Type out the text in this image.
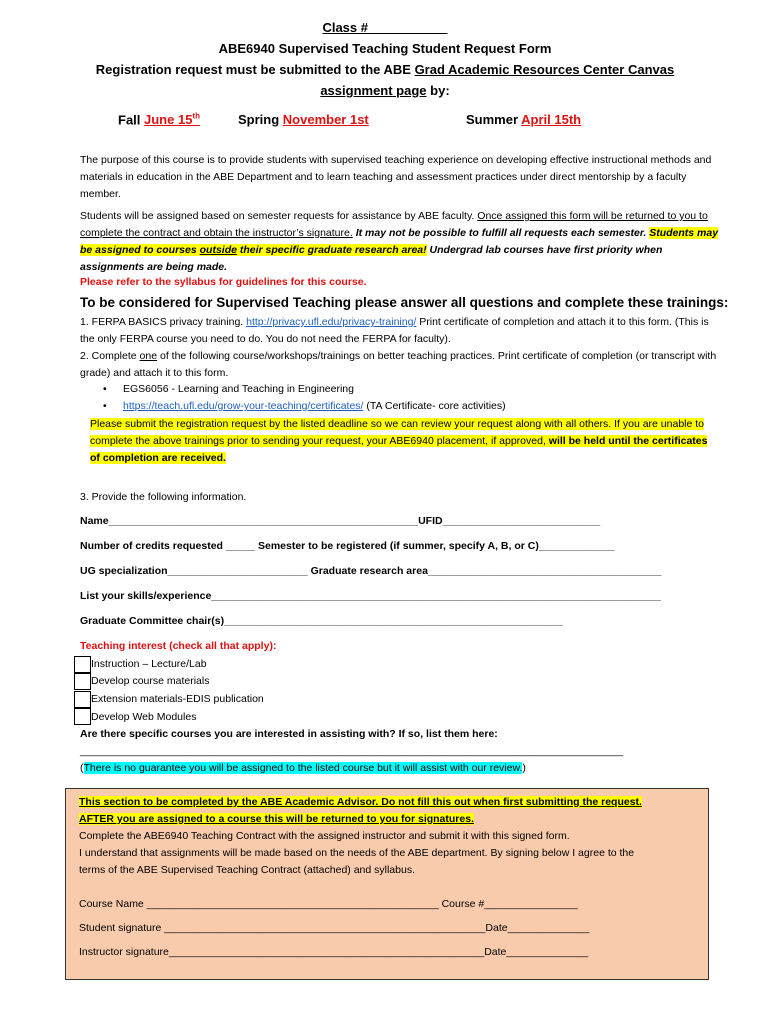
Class #___________
ABE6940 Supervised Teaching Student Request Form
Registration request must be submitted to the ABE Grad Academic Resources Center Canvas
assignment page by:
Fall June 15th	Spring November 1st	Summer April 15th
The purpose of this course is to provide students with supervised teaching experience on developing effective instructional methods and materials in education in the ABE Department and to learn teaching and assessment practices under direct mentorship by a faculty member.
Students will be assigned based on semester requests for assistance by ABE faculty. Once assigned this form will be returned to you to complete the contract and obtain the instructor’s signature. It may not be possible to fulfill all requests each semester. Students may be assigned to courses outside their specific graduate research area! Undergrad lab courses have first priority when assignments are being made.
Please refer to the syllabus for guidelines for this course.
To be considered for Supervised Teaching please answer all questions and complete these trainings:
1. FERPA BASICS privacy training. http://privacy.ufl.edu/privacy-training/ Print certificate of completion and attach it to this form. (This is the only FERPA course you need to do. You do not need the FERPA for faculty).
2. Complete one of the following course/workshops/trainings on better teaching practices. Print certificate of completion (or transcript with grade) and attach it to this form.
• EGS6056 - Learning and Teaching in Engineering
• https://teach.ufl.edu/grow-your-teaching/certificates/ (TA Certificate- core activities)
Please submit the registration request by the listed deadline so we can review your request along with all others. If you are unable to complete the above trainings prior to sending your request, your ABE6940 placement, if approved, will be held until the certificates of completion are received.
3. Provide the following information.
Name_____________________________________________________UFID___________________________
Number of credits requested _____ Semester to be registered (if summer, specify A, B, or C)_____________
UG specialization________________________ Graduate research area________________________________________
List your skills/experience_____________________________________________________________________________
Graduate Committee chair(s)__________________________________________________________
Teaching interest (check all that apply):
Instruction – Lecture/Lab
Develop course materials
Extension materials-EDIS publication
Develop Web Modules
Are there specific courses you are interested in assisting with? If so, list them here:
_____________________________________________________________________________________________
(There is no guarantee you will be assigned to the listed course but it will assist with our review.)
This section to be completed by the ABE Academic Advisor. Do not fill this out when first submitting the request.
AFTER you are assigned to a course this will be returned to you for signatures.
Complete the ABE6940 Teaching Contract with the assigned instructor and submit it with this signed form.
I understand that assignments will be made based on the needs of the ABE department. By signing below I agree to the
terms of the ABE Supervised Teaching Contract (attached) and syllabus.
Course Name __________________________________________________ Course #________________
Student signature _______________________________________________________Date______________
Instructor signature______________________________________________________Date______________
